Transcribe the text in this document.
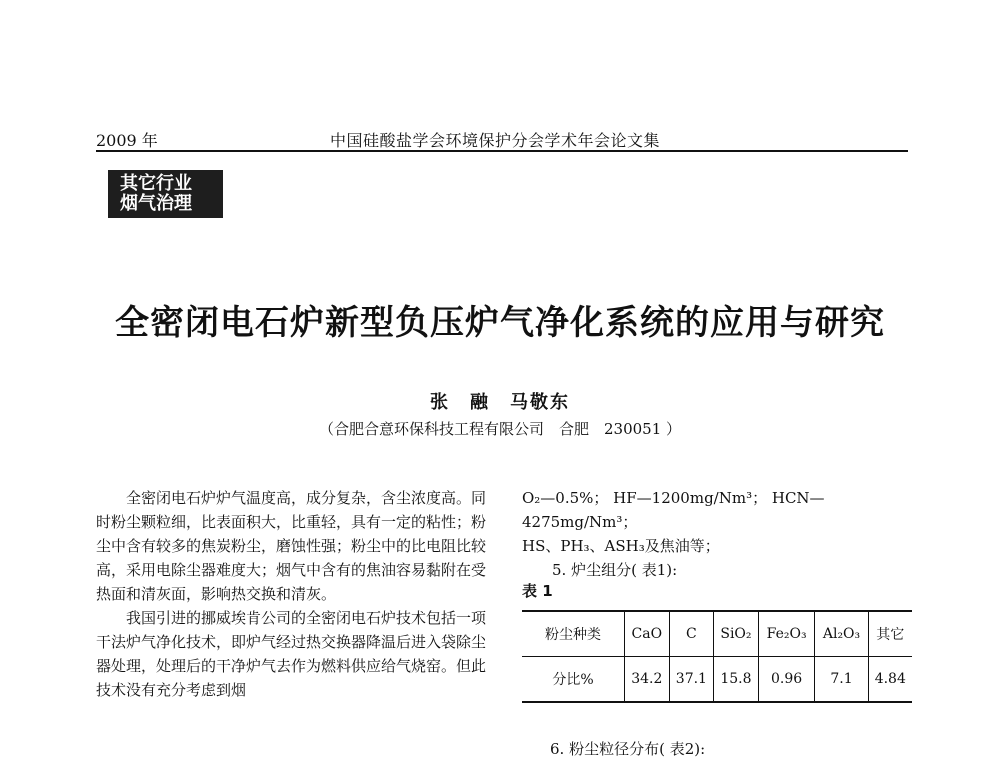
2009 年	中国硅酸盐学会环境保护分会学术年会论文集
其它行业
烟气治理
全密闭电石炉新型负压炉气净化系统的应用与研究
张　融　马敬东
（合肥合意环保科技工程有限公司　合肥　230051 ）

全密闭电石炉炉气温度高，成分复杂，含尘浓度高。同时粉尘颗粒细，比表面积大，比重轻，具有一定的粘性；粉尘中含有较多的焦炭粉尘，磨蚀性强；粉尘中的比电阻比较高，采用电除尘器难度大；烟气中含有的焦油容易黏附在受热面和清灰面，影响热交换和清灰。

我国引进的挪威埃肯公司的全密闭电石炉技术包括一项干法炉气净化技术，即炉气经过热交换器降温后进入袋除尘器处理，处理后的干净炉气去作为燃料供应给气烧窑。但此技术没有充分考虑到烟

O₂—0.5%； HF—1200mg/Nm³； HCN—4275mg/Nm³；

HS、PH₃、ASH₃及焦油等；

5. 炉尘组分( 表1):

表 1
粉尘种类	CaO	C	SiO₂	Fe₂O₃	Al₂O₃	其它
分比%	34.2	37.1	15.8	0.96	7.1	4.84
6. 粉尘粒径分布( 表2):
